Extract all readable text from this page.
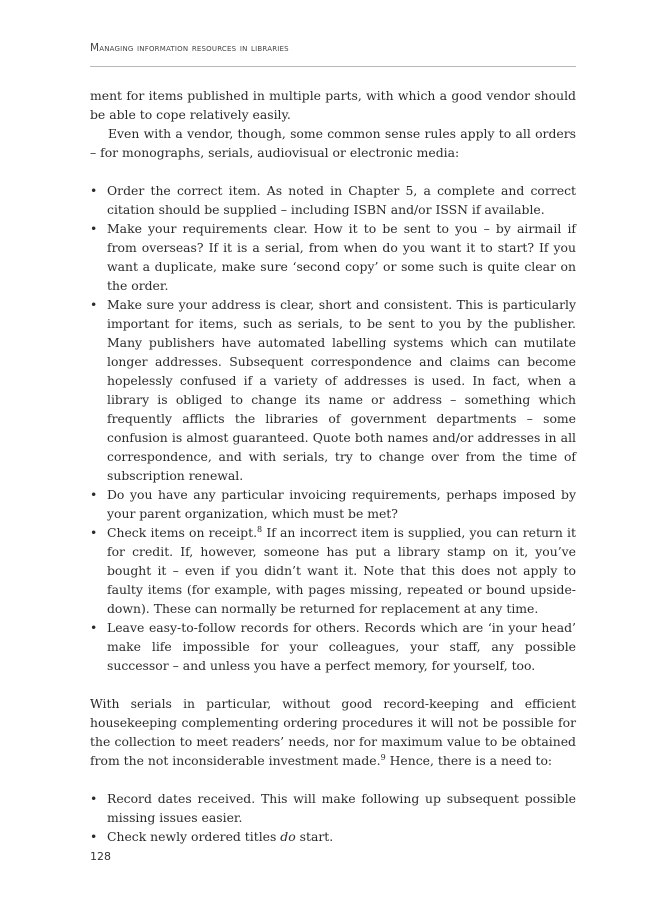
Managing information resources in libraries

ment for items published in multiple parts, with which a good vendor should be able to cope relatively easily.

Even with a vendor, though, some common sense rules apply to all orders – for monographs, serials, audiovisual or electronic media:

• Order the correct item. As noted in Chapter 5, a complete and correct citation should be supplied – including ISBN and/or ISSN if available.
• Make your requirements clear. How it to be sent to you – by airmail if from overseas? If it is a serial, from when do you want it to start? If you want a duplicate, make sure ‘second copy’ or some such is quite clear on the order.
• Make sure your address is clear, short and consistent. This is particularly important for items, such as serials, to be sent to you by the publisher. Many publishers have automated labelling systems which can mutilate longer addresses. Subsequent correspondence and claims can become hopelessly confused if a variety of addresses is used. In fact, when a library is obliged to change its name or address – something which frequently afflicts the libraries of government departments – some confusion is almost guaranteed. Quote both names and/or addresses in all correspondence, and with serials, try to change over from the time of subscription renewal.
• Do you have any particular invoicing requirements, perhaps imposed by your parent organization, which must be met?
• Check items on receipt.$^8$ If an incorrect item is supplied, you can return it for credit. If, however, someone has put a library stamp on it, you’ve bought it – even if you didn’t want it. Note that this does not apply to faulty items (for example, with pages missing, repeated or bound upside-down). These can normally be returned for replacement at any time.
• Leave easy-to-follow records for others. Records which are ‘in your head’ make life impossible for your colleagues, your staff, any possible successor – and unless you have a perfect memory, for yourself, too.

With serials in particular, without good record-keeping and efficient housekeeping complementing ordering procedures it will not be possible for the collection to meet readers’ needs, nor for maximum value to be obtained from the not inconsiderable investment made.$^9$ Hence, there is a need to:

• Record dates received. This will make following up subsequent possible missing issues easier.
• Check newly ordered titles do start.
128
